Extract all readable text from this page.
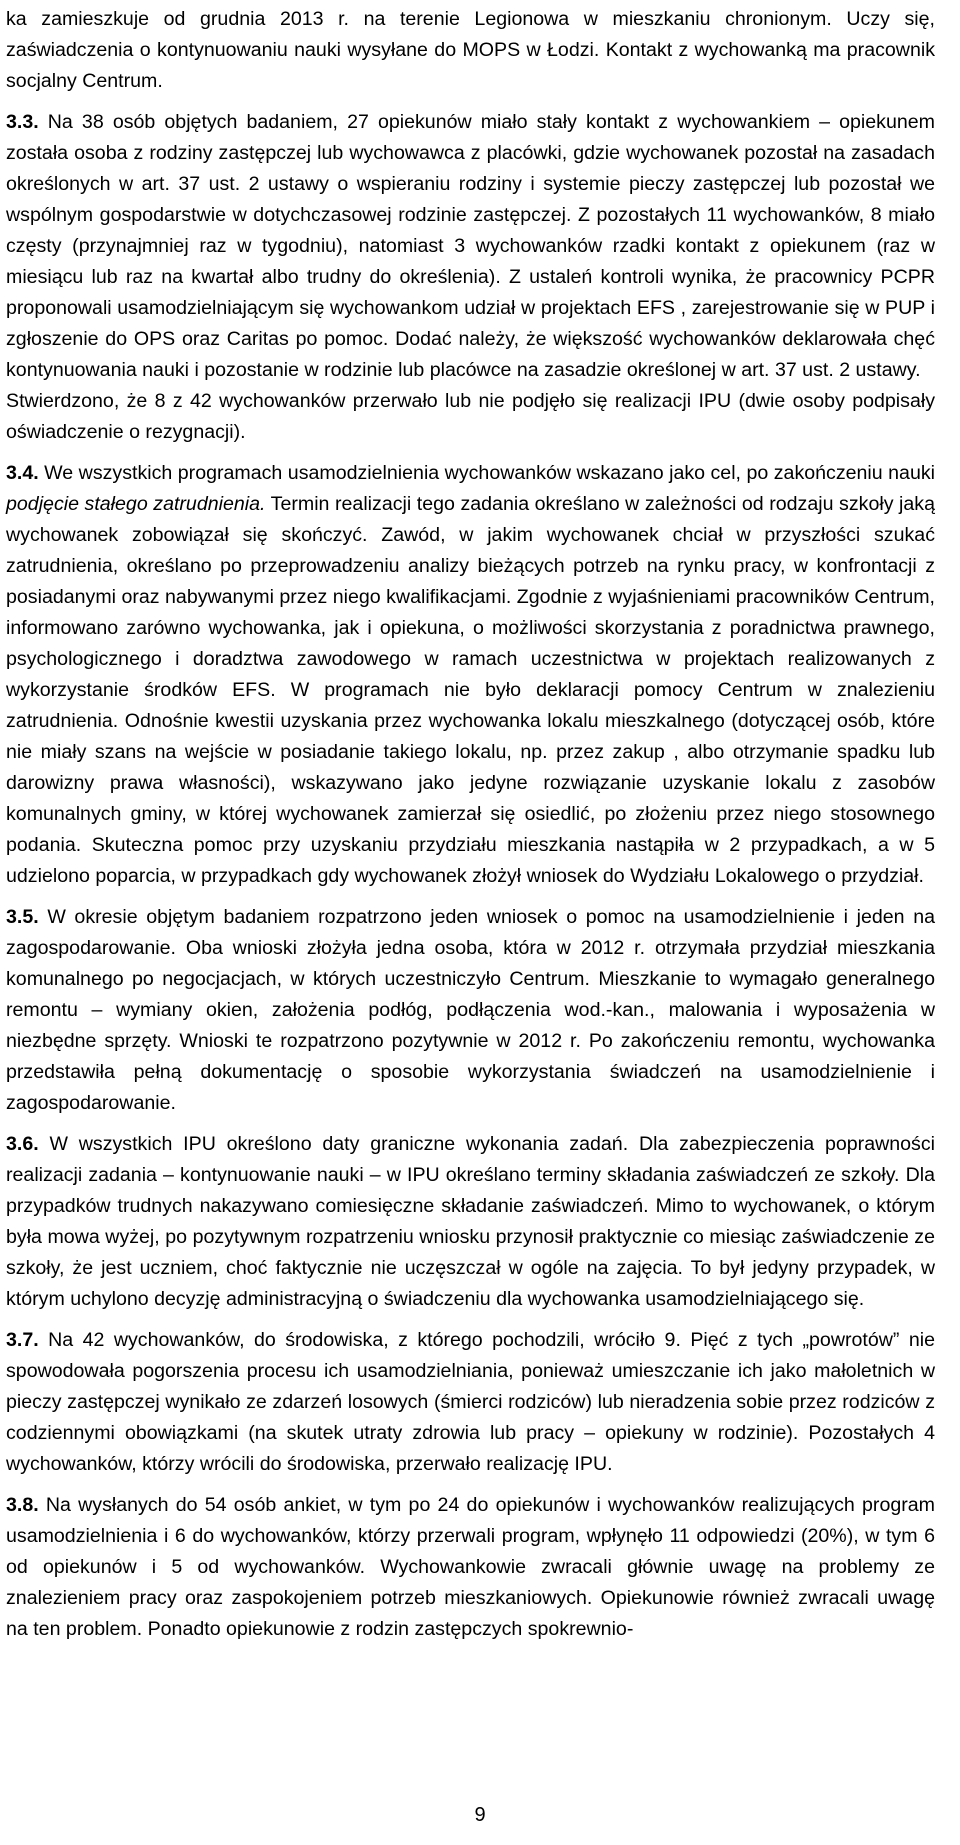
ka zamieszkuje od grudnia 2013 r. na terenie Legionowa w mieszkaniu chronionym. Uczy się, zaświadczenia o kontynuowaniu nauki wysyłane do MOPS w Łodzi. Kontakt z wychowanką ma pracownik socjalny Centrum.

3.3. Na 38 osób objętych badaniem, 27 opiekunów miało stały kontakt z wychowankiem – opiekunem została osoba z rodziny zastępczej lub wychowawca z placówki, gdzie wychowanek pozostał na zasadach określonych w art. 37 ust. 2 ustawy o wspieraniu rodziny i systemie pieczy zastępczej lub pozostał we wspólnym gospodarstwie w dotychczasowej rodzinie zastępczej. Z pozostałych 11 wychowanków, 8 miało częsty (przynajmniej raz w tygodniu), natomiast 3 wychowanków rzadki kontakt z opiekunem (raz w miesiącu lub raz na kwartał albo trudny do określenia). Z ustaleń kontroli wynika, że pracownicy PCPR proponowali usamodzielniającym się wychowankom udział w projektach EFS , zarejestrowanie się w PUP i zgłoszenie do OPS oraz Caritas po pomoc. Dodać należy, że większość wychowanków deklarowała chęć kontynuowania nauki i pozostanie w rodzinie lub placówce na zasadzie określonej w art. 37 ust. 2 ustawy.

Stwierdzono, że 8 z 42 wychowanków przerwało lub nie podjęło się realizacji IPU (dwie osoby podpisały oświadczenie o rezygnacji).

3.4. We wszystkich programach usamodzielnienia wychowanków wskazano jako cel, po zakończeniu nauki podjęcie stałego zatrudnienia. Termin realizacji tego zadania określano w zależności od rodzaju szkoły jaką wychowanek zobowiązał się skończyć. Zawód, w jakim wychowanek chciał w przyszłości szukać zatrudnienia, określano po przeprowadzeniu analizy bieżących potrzeb na rynku pracy, w konfrontacji z posiadanymi oraz nabywanymi przez niego kwalifikacjami. Zgodnie z wyjaśnieniami pracowników Centrum, informowano zarówno wychowanka, jak i opiekuna, o możliwości skorzystania z poradnictwa prawnego, psychologicznego i doradztwa zawodowego w ramach uczestnictwa w projektach realizowanych z wykorzystanie środków EFS. W programach nie było deklaracji pomocy Centrum w znalezieniu zatrudnienia. Odnośnie kwestii uzyskania przez wychowanka lokalu mieszkalnego (dotyczącej osób, które nie miały szans na wejście w posiadanie takiego lokalu, np. przez zakup , albo otrzymanie spadku lub darowizny prawa własności), wskazywano jako jedyne rozwiązanie uzyskanie lokalu z zasobów komunalnych gminy, w której wychowanek zamierzał się osiedlić, po złożeniu przez niego stosownego podania. Skuteczna pomoc przy uzyskaniu przydziału mieszkania nastąpiła w 2 przypadkach, a w 5 udzielono poparcia, w przypadkach gdy wychowanek złożył wniosek do Wydziału Lokalowego o przydział.

3.5. W okresie objętym badaniem rozpatrzono jeden wniosek o pomoc na usamodzielnienie i jeden na zagospodarowanie. Oba wnioski złożyła jedna osoba, która w 2012 r. otrzymała przydział mieszkania komunalnego po negocjacjach, w których uczestniczyło Centrum. Mieszkanie to wymagało generalnego remontu – wymiany okien, założenia podłóg, podłączenia wod.-kan., malowania i wyposażenia w niezbędne sprzęty. Wnioski te rozpatrzono pozytywnie w 2012 r. Po zakończeniu remontu, wychowanka przedstawiła pełną dokumentację o sposobie wykorzystania świadczeń na usamodzielnienie i zagospodarowanie.

3.6. W wszystkich IPU określono daty graniczne wykonania zadań. Dla zabezpieczenia poprawności realizacji zadania – kontynuowanie nauki – w IPU określano terminy składania zaświadczeń ze szkoły. Dla przypadków trudnych nakazywano comiesięczne składanie zaświadczeń. Mimo to wychowanek, o którym była mowa wyżej, po pozytywnym rozpatrzeniu wniosku przynosił praktycznie co miesiąc zaświadczenie ze szkoły, że jest uczniem, choć faktycznie nie uczęszczał w ogóle na zajęcia. To był jedyny przypadek, w którym uchylono decyzję administracyjną o świadczeniu dla wychowanka usamodzielniającego się.

3.7. Na 42 wychowanków, do środowiska, z którego pochodzili, wróciło 9. Pięć z tych „powrotów” nie spowodowała pogorszenia procesu ich usamodzielniania, ponieważ umieszczanie ich jako małoletnich w pieczy zastępczej wynikało ze zdarzeń losowych (śmierci rodziców) lub nieradzenia sobie przez rodziców z codziennymi obowiązkami (na skutek utraty zdrowia lub pracy – opiekuny w rodzinie). Pozostałych 4 wychowanków, którzy wrócili do środowiska, przerwało realizację IPU.

3.8. Na wysłanych do 54 osób ankiet, w tym po 24 do opiekunów i wychowanków realizujących program usamodzielnienia i 6 do wychowanków, którzy przerwali program, wpłynęło 11 odpowiedzi (20%), w tym 6 od opiekunów i 5 od wychowanków. Wychowankowie zwracali głównie uwagę na problemy ze znalezieniem pracy oraz zaspokojeniem potrzeb mieszkaniowych. Opiekunowie również zwracali uwagę na ten problem. Ponadto opiekunowie z rodzin zastępczych spokrewnio-

9
